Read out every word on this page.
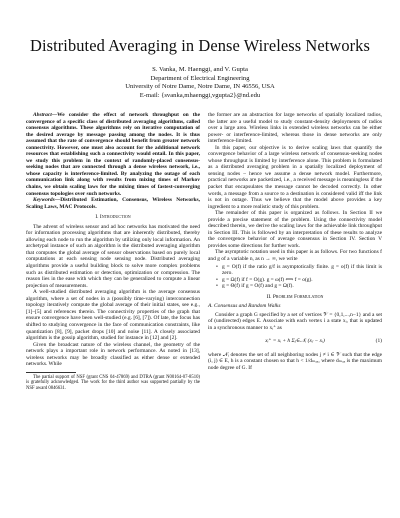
Distributed Averaging in Dense Wireless Networks
S. Vanka, M. Haenggi, and V. Gupta
Department of Electrical Engineering
University of Notre Dame, Notre Dame, IN 46556, USA
E-mail: {svanka,mhaenggi,vgupta2}@nd.edu

Abstract—We consider the effect of network throughput on the convergence of a specific class of distributed averaging algorithms, called consensus algorithms. These algorithms rely on iterative computation of the desired average by message passing among the nodes. It is thus assumed that the rate of convergence should benefit from greater network connectivity. However, one must also account for the additional network resources that establishing such a connectivity would entail. In this paper, we study this problem in the context of randomly-placed consensus-seeking nodes that are connected through a dense wireless network, i.e., whose capacity is interference-limited. By analyzing the outage of each communication link along with results from mixing times of Markov chains, we obtain scaling laws for the mixing times of fastest-converging consensus topologies over such networks.

Keywords—Distributed Estimation, Consensus, Wireless Networks, Scaling Laws, MAC Protocols.

I. Introduction

The advent of wireless sensor and ad hoc networks has motivated the need for information processing algorithms that are inherently distributed, thereby allowing each node to run the algorithm by utilizing only local information. An archetypal instance of such an algorithm is the distributed averaging algorithm that computes the global average of sensor observations based on purely local computations at each sensing node sensing node. Distributed averaging algorithms provide a useful building block to solve more complex problems such as distributed estimation or detection, optimization or compression. The reason lies in the ease with which they can be generalized to compute a linear projection of measurements.

A well-studied distributed averaging algorithm is the average consensus algorithm, where a set of nodes in a (possibly time-varying) interconnection topology iteratively compute the global average of their initial states, see e.g., [1]–[5] and references therein. The connectivity properties of the graph that ensure convergence have been well-studied (e.g. [6], [7]). Of late, the focus has shifted to studying convergence in the face of communication constraints, like quantization [8], [9], packet drops [10] and noise [11]. A closely associated algorithm is the gossip algorithm, studied for instance in [12] and [2].

Given the broadcast nature of the wireless channel, the geometry of the network plays a important role in network performance. As noted in [13], wireless networks may be broadly classified as either dense or extended networks. While

The partial support of NSF (grant CNS 04-47869) and DTRA (grant N00164-07-8510) is gratefully acknowledged. The work for the third author was supported partially by the NSF award 0846631.

the former are an abstraction for large networks of spatially localized radios, the latter are a useful model to study constant-density deployments of radios over a large area. Wireless links in extended wireless networks can be either power- or interference-limited, whereas those in dense networks are only interference-limited.

In this paper, our objective is to derive scaling laws that quantify the convergence behavior of a large wireless network of consensus-seeking nodes whose throughput is limited by interference alone. This problem is formulated as a distributed averaging problem in a spatially localized deployment of sensing nodes – hence we assume a dense network model. Furthermore, practical networks are packetized, i.e., a received message is meaningless if the packet that encapsulates the message cannot be decoded correctly. In other words, a message from a source to a destination is considered valid iff the link is not in outage. Thus we believe that the model above provides a key ingredient to a more realistic study of this problem.

The remainder of this paper is organized as follows. In Section II we provide a precise statement of the problem. Using the connectivity model described therein, we derive the scaling laws for the achievable link throughput in Section III. This is followed by an interpretation of these results to analyze the convergence behavior of average consensus in Section IV. Section V provides some directions for further work.

The asymptotic notation used in this paper is as follows. For two functions f and g of a variable n, as n → ∞, we write

• g = O(f) if the ratio g/f is asymptotically finite. g = o(f) if this limit is zero.
• g = Ω(f) if f = O(g). g = ω(f) ⟺ f = o(g).
• g = Θ(f) if g = O(f) and g = Ω(f).
II. Problem Formulation
A. Consensus and Random Walks

Consider a graph G specified by a set of vertices 𝒱 = {0,1,...,n−1} and a set of (undirected) edges E. Associate with each vertex i a state xᵢ, that is updated in a synchronous manner to xᵢ⁺ as

xᵢ⁺ = xᵢ + h Σⱼ∈𝒩ᵢ (xⱼ − xᵢ)	(1)

where 𝒩ᵢ denotes the set of all neighboring nodes j ≠ i ∈ 𝒱 such that the edge (i, j) ∈ E, h is a constant chosen so that h < 1/dₘₐₓ, where dₘₐₓ is the maximum node degree of G. If
